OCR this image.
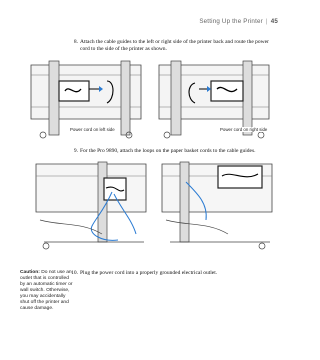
Setting Up the Printer | 45
8. Attach the cable guides to the left or right side of the printer back and route the power cord to the side of the printer as shown.
Power cord on left side	Power cord on right side
9. For the Pro 9890, attach the loops on the paper basket cords to the cable guides.
Caution: Do not use an outlet that is controlled by an automatic timer or wall switch. Otherwise, you may accidentally shut off the printer and cause damage.
10. Plug the power cord into a properly grounded electrical outlet.
